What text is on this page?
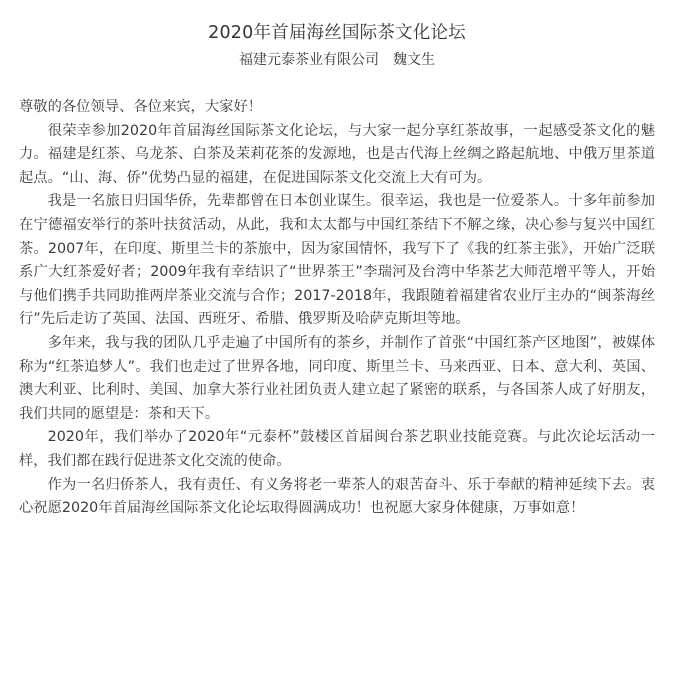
2020年首届海丝国际茶文化论坛
福建元泰茶业有限公司 魏文生

尊敬的各位领导、各位来宾，大家好！

很荣幸参加2020年首届海丝国际茶文化论坛，与大家一起分享红茶故事，一起感受茶文化的魅力。福建是红茶、乌龙茶、白茶及茉莉花茶的发源地，也是古代海上丝绸之路起航地、中俄万里茶道起点。“山、海、侨”优势凸显的福建，在促进国际茶文化交流上大有可为。

我是一名旅日归国华侨，先辈都曾在日本创业谋生。很幸运，我也是一位爱茶人。十多年前参加在宁德福安举行的茶叶扶贫活动，从此，我和太太都与中国红茶结下不解之缘，决心参与复兴中国红茶。2007年，在印度、斯里兰卡的茶旅中，因为家国情怀，我写下了《我的红茶主张》，开始广泛联系广大红茶爱好者；2009年我有幸结识了“世界茶王”李瑞河及台湾中华茶艺大师范增平等人，开始与他们携手共同助推两岸茶业交流与合作；2017-2018年，我跟随着福建省农业厅主办的“闽茶海丝行”先后走访了英国、法国、西班牙、希腊、俄罗斯及哈萨克斯坦等地。

多年来，我与我的团队几乎走遍了中国所有的茶乡，并制作了首张“中国红茶产区地图”，被媒体称为“红茶追梦人”。我们也走过了世界各地，同印度、斯里兰卡、马来西亚、日本、意大利、英国、澳大利亚、比利时、美国、加拿大茶行业社团负责人建立起了紧密的联系，与各国茶人成了好朋友，我们共同的愿望是：茶和天下。

2020年，我们举办了2020年“元泰杯”鼓楼区首届闽台茶艺职业技能竞赛。与此次论坛活动一样，我们都在践行促进茶文化交流的使命。

作为一名归侨茶人，我有责任、有义务将老一辈茶人的艰苦奋斗、乐于奉献的精神延续下去。衷心祝愿2020年首届海丝国际茶文化论坛取得圆满成功！也祝愿大家身体健康，万事如意！
